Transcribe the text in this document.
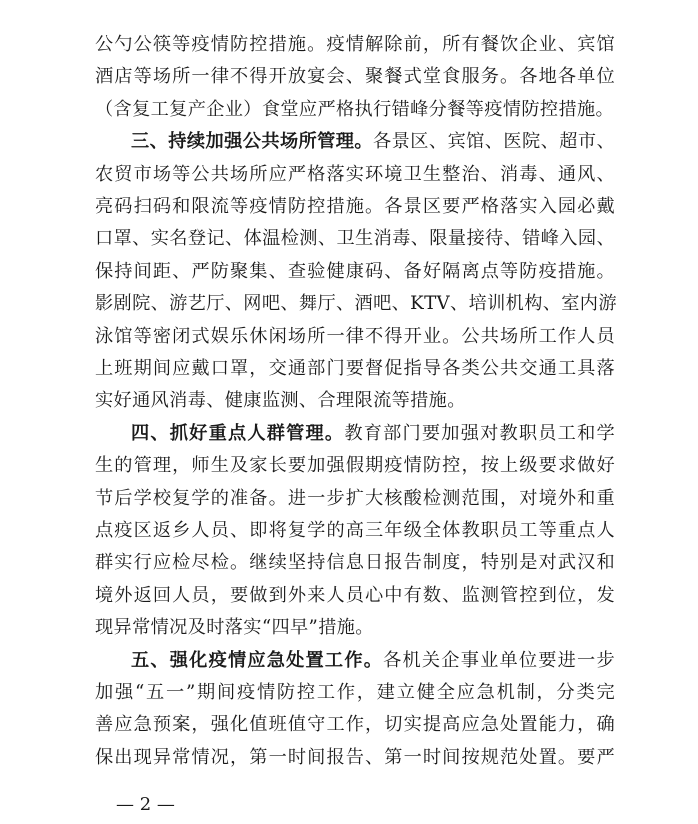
公勺公筷等疫情防控措施。疫情解除前，所有餐饮企业、宾馆
酒店等场所一律不得开放宴会、聚餐式堂食服务。各地各单位
（含复工复产企业）食堂应严格执行错峰分餐等疫情防控措施。
三、持续加强公共场所管理。各景区、宾馆、医院、超市、
农贸市场等公共场所应严格落实环境卫生整治、消毒、通风、
亮码扫码和限流等疫情防控措施。各景区要严格落实入园必戴
口罩、实名登记、体温检测、卫生消毒、限量接待、错峰入园、
保持间距、严防聚集、查验健康码、备好隔离点等防疫措施。
影剧院、游艺厅、网吧、舞厅、酒吧、KTV、培训机构、室内游
泳馆等密闭式娱乐休闲场所一律不得开业。公共场所工作人员
上班期间应戴口罩，交通部门要督促指导各类公共交通工具落
实好通风消毒、健康监测、合理限流等措施。
四、抓好重点人群管理。教育部门要加强对教职员工和学
生的管理，师生及家长要加强假期疫情防控，按上级要求做好
节后学校复学的准备。进一步扩大核酸检测范围，对境外和重
点疫区返乡人员、即将复学的高三年级全体教职员工等重点人
群实行应检尽检。继续坚持信息日报告制度，特别是对武汉和
境外返回人员，要做到外来人员心中有数、监测管控到位，发
现异常情况及时落实“四早”措施。
五、强化疫情应急处置工作。各机关企事业单位要进一步
加强“五一”期间疫情防控工作，建立健全应急机制，分类完
— 2 —
善应急预案，强化值班值守工作，切实提高应急处置能力，确
保出现异常情况，第一时间报告、第一时间按规范处置。要严
